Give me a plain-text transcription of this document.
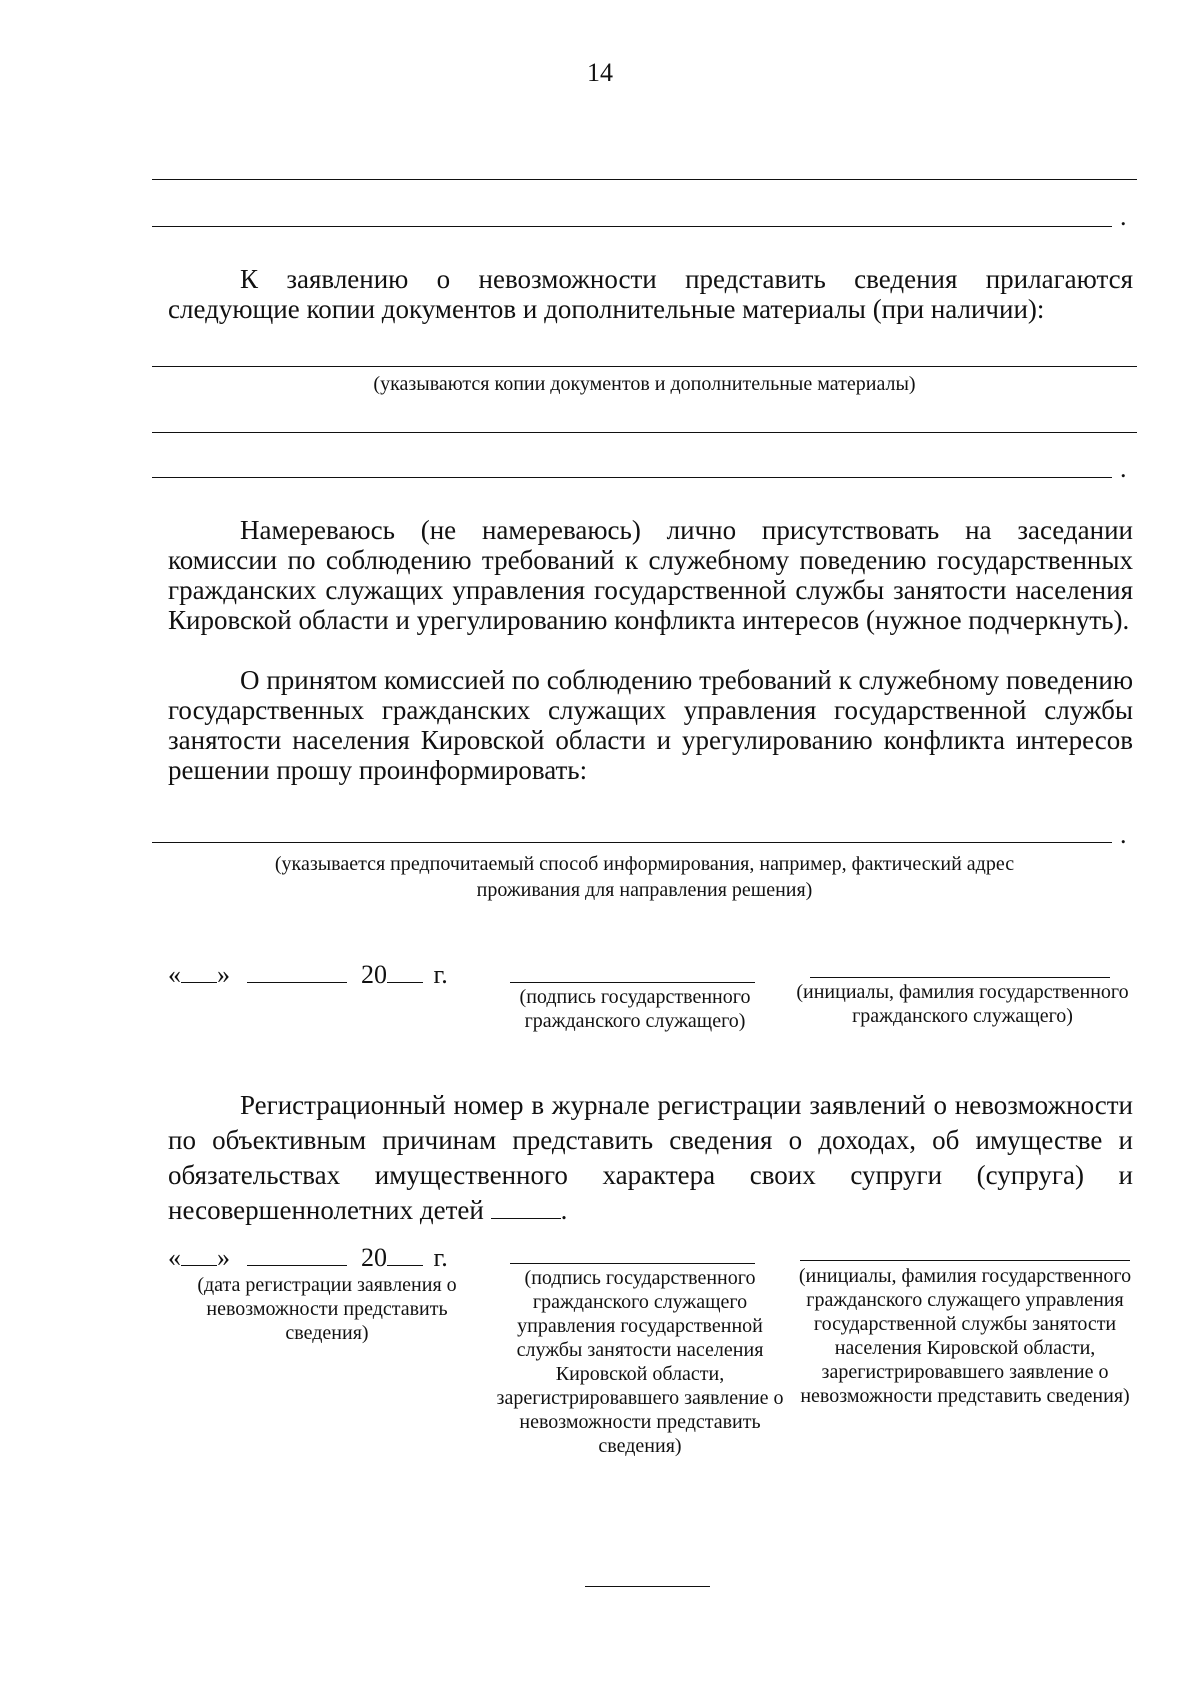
14
.
К заявлению о невозможности представить сведения прилагаются следующие копии документов и дополнительные материалы (при наличии):
(указываются копии документов и дополнительные материалы)
.
Намереваюсь (не намереваюсь) лично присутствовать на заседании комиссии по соблюдению требований к служебному поведению государственных гражданских служащих управления государственной службы занятости населения Кировской области и урегулированию конфликта интересов (нужное подчеркнуть).
О принятом комиссией по соблюдению требований к служебному поведению государственных гражданских служащих управления государственной службы занятости населения Кировской области и урегулированию конфликта интересов решении прошу проинформировать:
.
(указывается предпочитаемый способ информирования, например, фактический адрес
проживания для направления решения)
« »	20 г.
(подпись государственного гражданского служащего)
(инициалы, фамилия государственного гражданского служащего)
Регистрационный номер в журнале регистрации заявлений о невозможности по объективным причинам представить сведения о доходах, об имуществе и обязательствах имущественного характера своих супруги (супруга) и несовершеннолетних детей	.
« »	20 г.
(дата регистрации заявления о невозможности представить сведения)
(подпись государственного гражданского служащего управления государственной службы занятости населения Кировской области, зарегистрировавшего заявление о невозможности представить сведения)
(инициалы, фамилия государственного гражданского служащего управления государственной службы занятости населения Кировской области, зарегистрировавшего заявление о невозможности представить сведения)
